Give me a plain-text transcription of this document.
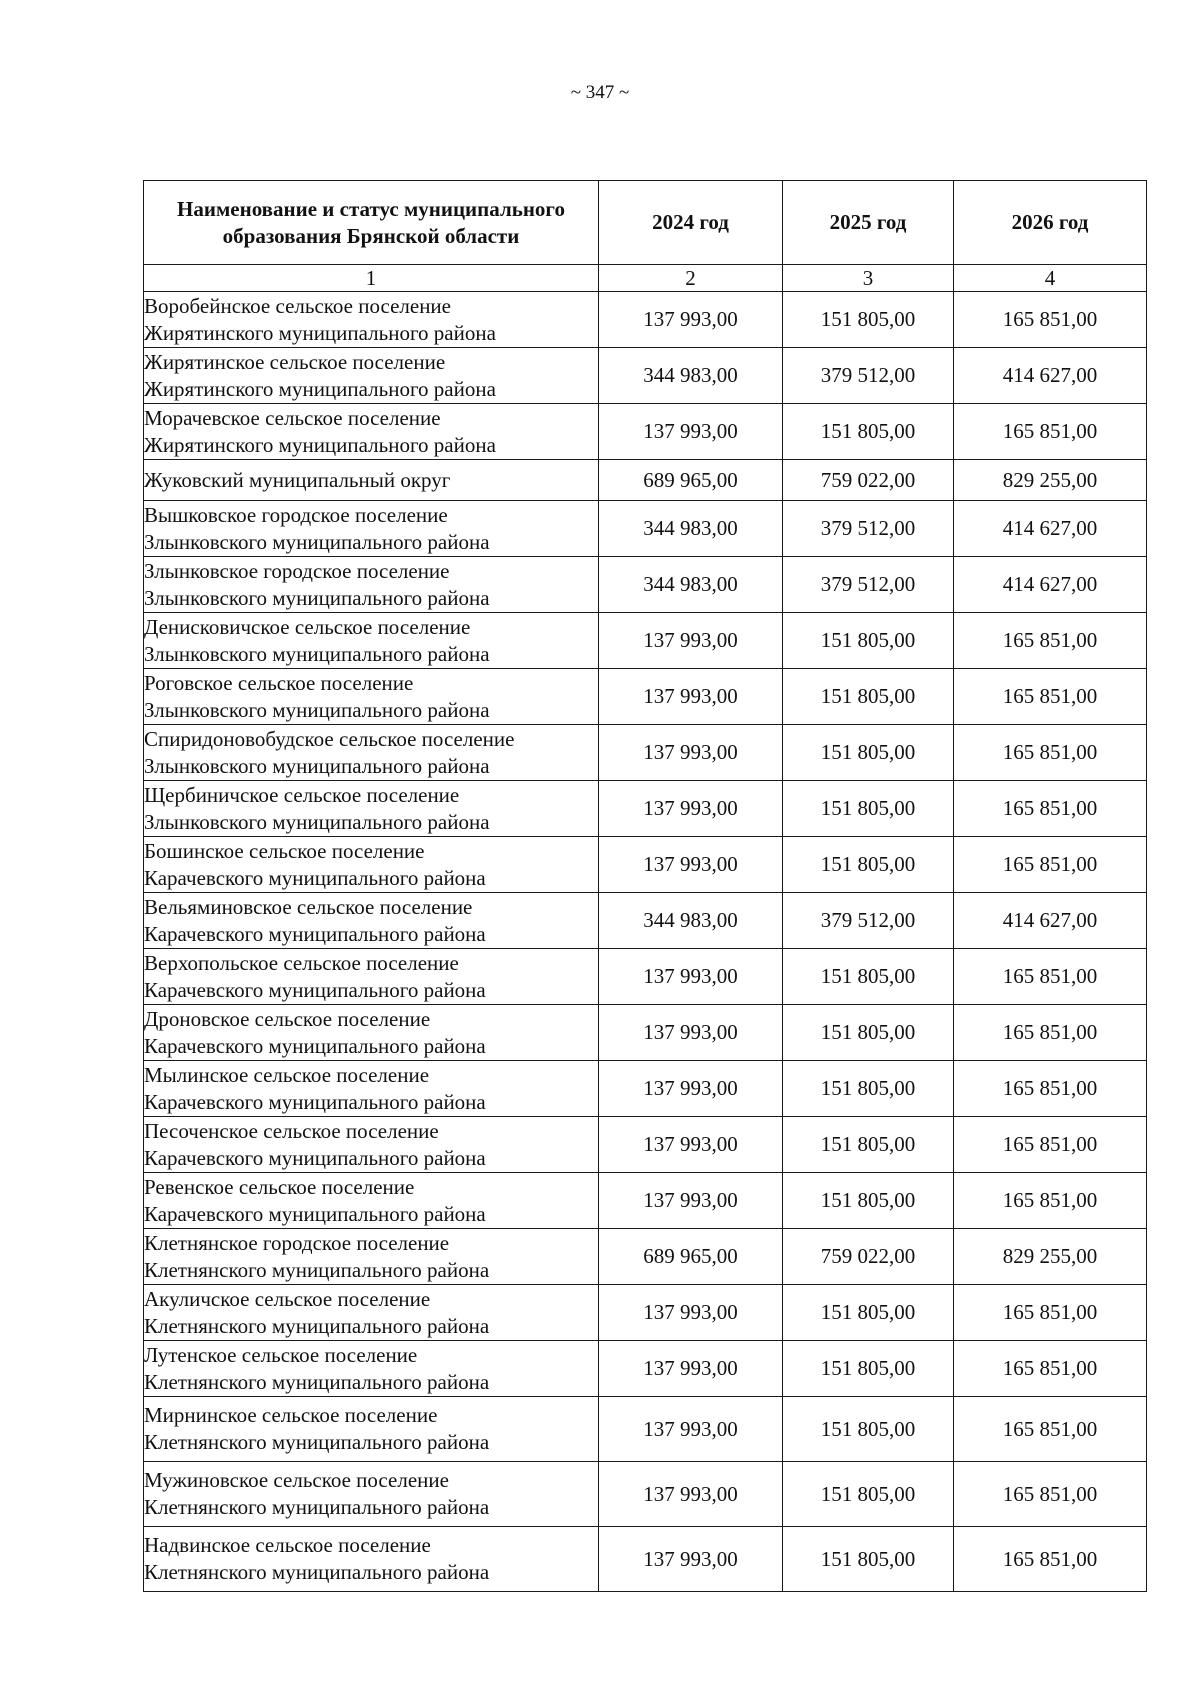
~ 347 ~
Наименование и статус муниципального образования Брянской области	2024 год	2025 год	2026 год
1	2	3	4

Воробейнское сельское поселение
Жирятинского муниципального района	137 993,00	151 805,00	165 851,00

Жирятинское сельское поселение
Жирятинского муниципального района	344 983,00	379 512,00	414 627,00

Морачевское сельское поселение
Жирятинского муниципального района	137 993,00	151 805,00	165 851,00

Жуковский муниципальный округ	689 965,00	759 022,00	829 255,00

Вышковское городское поселение
Злынковского муниципального района	344 983,00	379 512,00	414 627,00

Злынковское городское поселение
Злынковского муниципального района	344 983,00	379 512,00	414 627,00

Денисковичское сельское поселение
Злынковского муниципального района	137 993,00	151 805,00	165 851,00

Роговское сельское поселение
Злынковского муниципального района	137 993,00	151 805,00	165 851,00

Спиридоновобудское сельское поселение
Злынковского муниципального района	137 993,00	151 805,00	165 851,00

Щербиничское сельское поселение
Злынковского муниципального района	137 993,00	151 805,00	165 851,00

Бошинское сельское поселение
Карачевского муниципального района	137 993,00	151 805,00	165 851,00

Вельяминовское сельское поселение
Карачевского муниципального района	344 983,00	379 512,00	414 627,00

Верхопольское сельское поселение
Карачевского муниципального района	137 993,00	151 805,00	165 851,00

Дроновское сельское поселение
Карачевского муниципального района	137 993,00	151 805,00	165 851,00

Мылинское сельское поселение
Карачевского муниципального района	137 993,00	151 805,00	165 851,00

Песоченское сельское поселение
Карачевского муниципального района	137 993,00	151 805,00	165 851,00

Ревенское сельское поселение
Карачевского муниципального района	137 993,00	151 805,00	165 851,00

Клетнянское городское поселение
Клетнянского муниципального района	689 965,00	759 022,00	829 255,00

Акуличское сельское поселение
Клетнянского муниципального района	137 993,00	151 805,00	165 851,00

Лутенское сельское поселение
Клетнянского муниципального района	137 993,00	151 805,00	165 851,00

Мирнинское сельское поселение
Клетнянского муниципального района	137 993,00	151 805,00	165 851,00

Мужиновское сельское поселение
Клетнянского муниципального района	137 993,00	151 805,00	165 851,00

Надвинское сельское поселение
Клетнянского муниципального района	137 993,00	151 805,00	165 851,00
